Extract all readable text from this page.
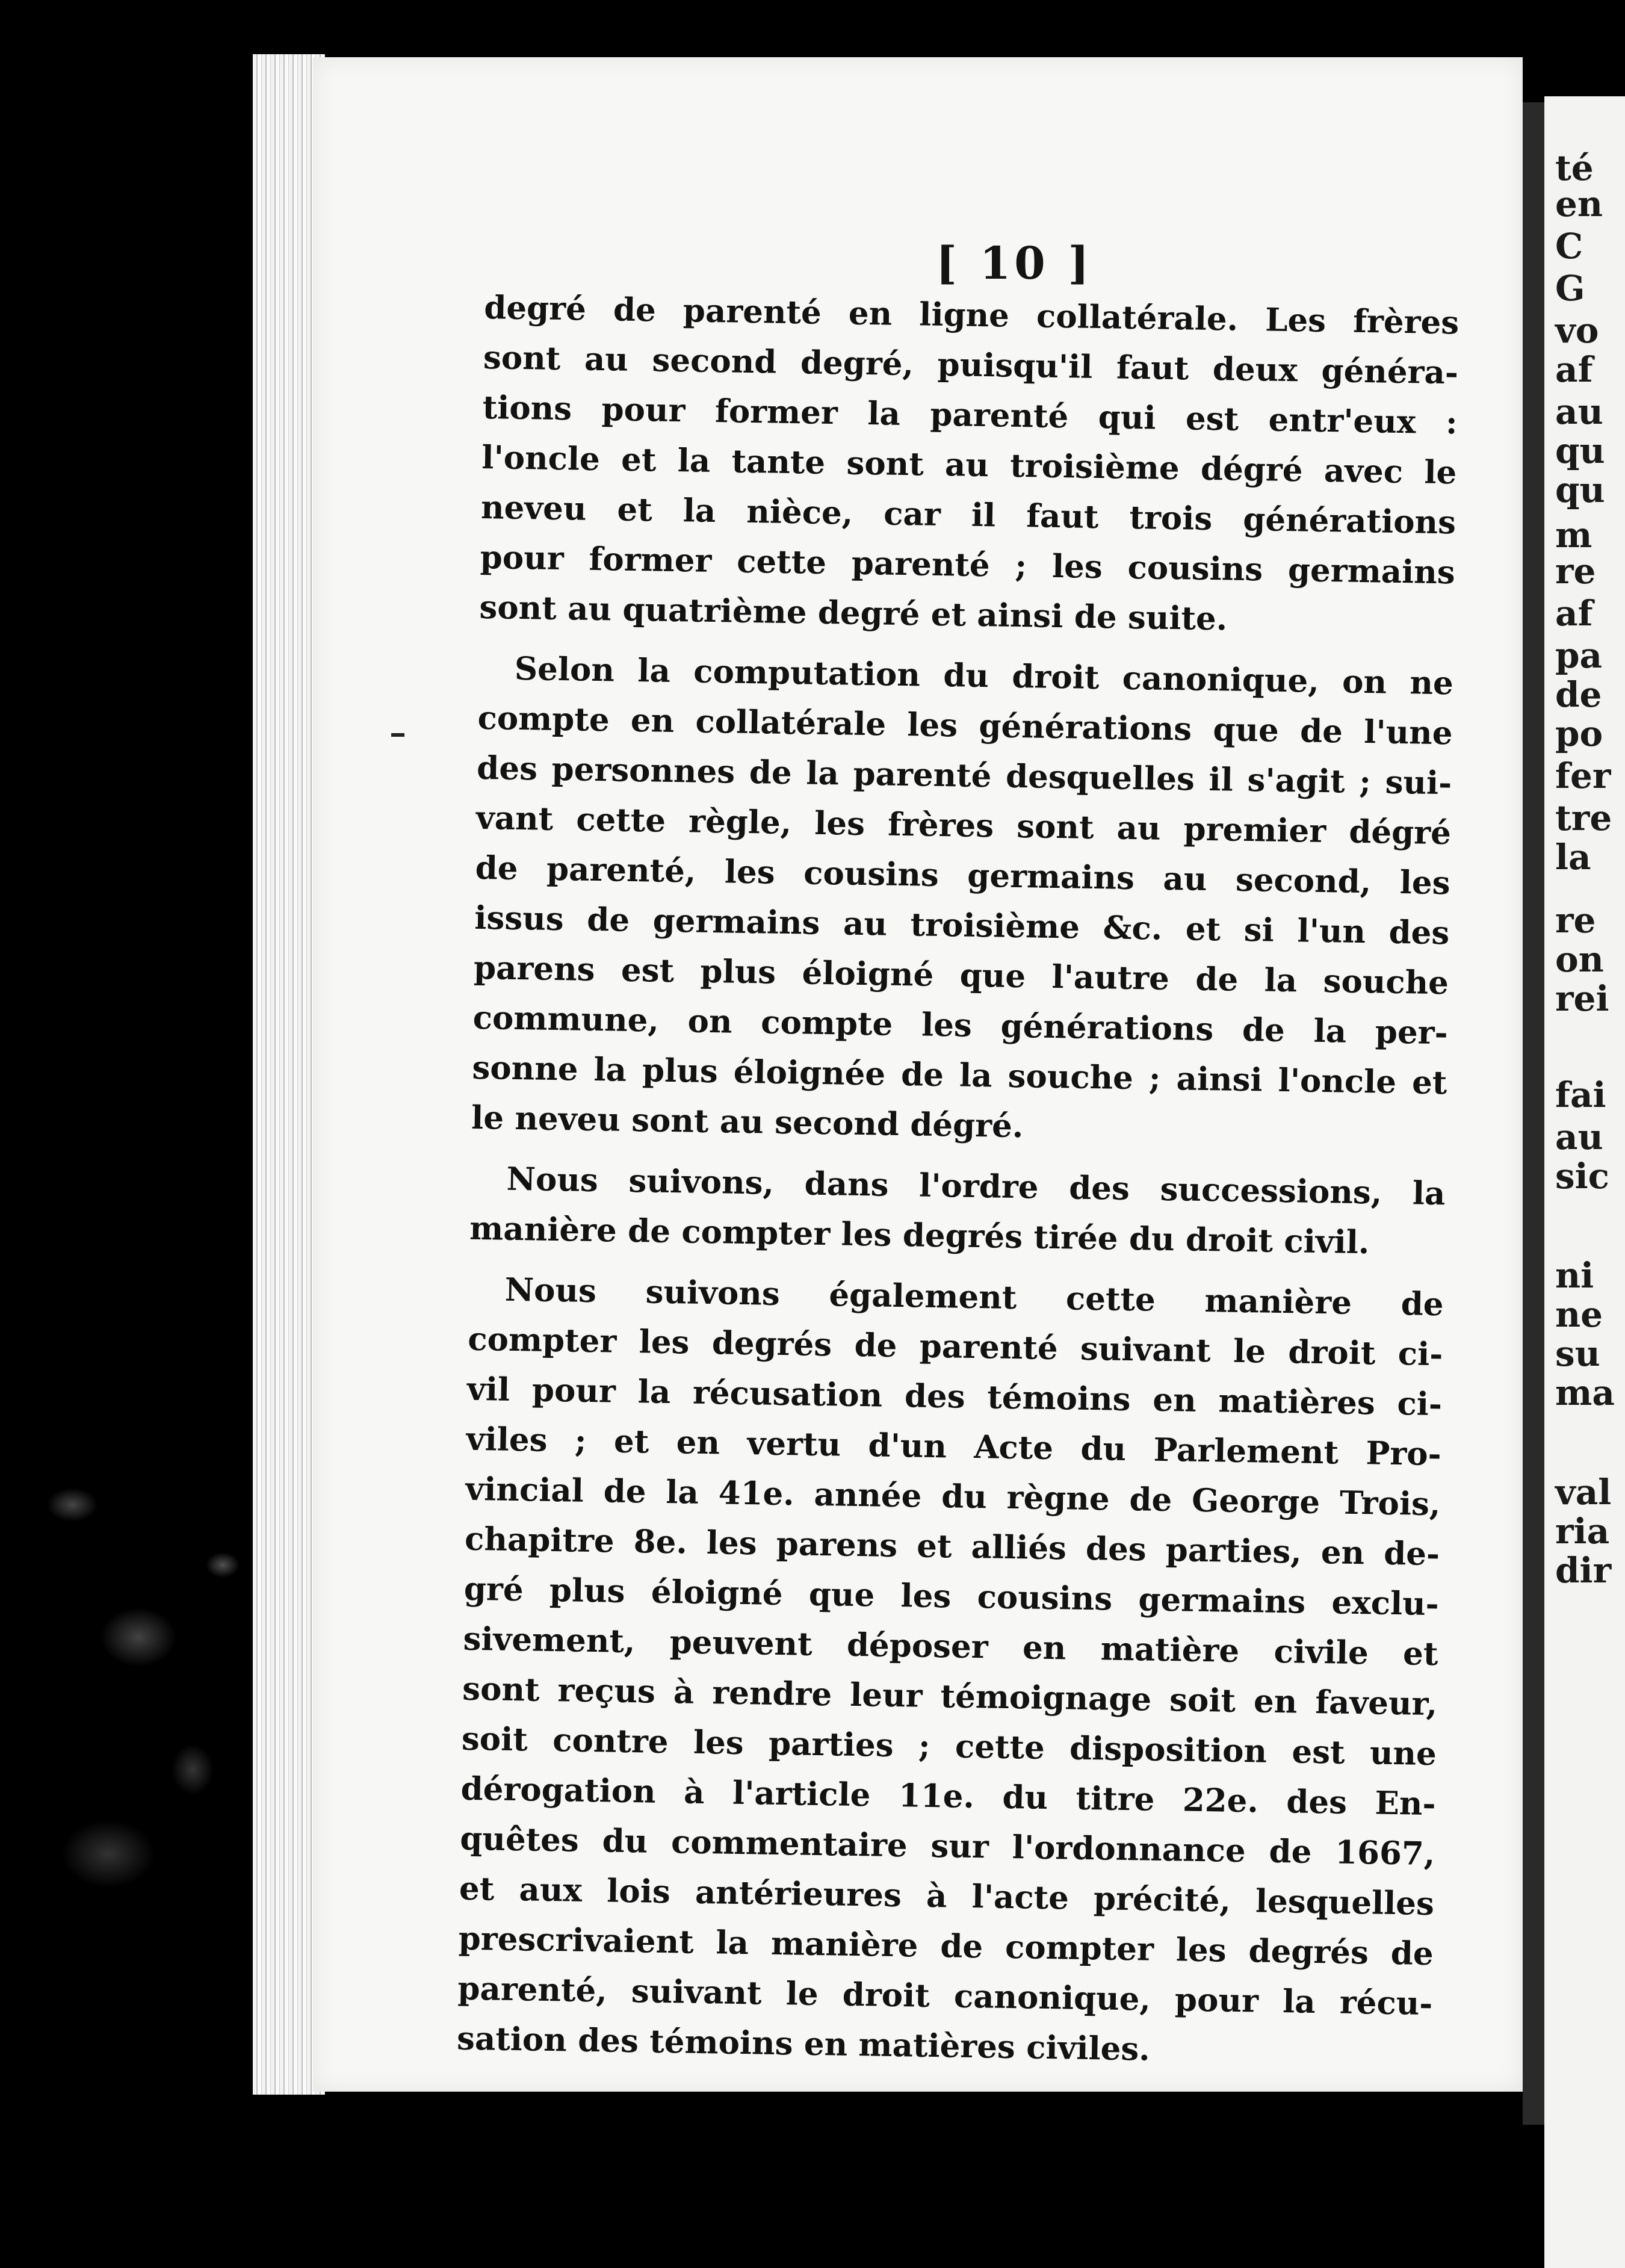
té
en
C
G
vo
af
au
qu
qu
m
re
af
pa
de
po
fer
tre
la
re
on
rei
fai
au
sic
ni
ne
su
ma
val
ria
dir
[ 10 ]
degré de parenté en ligne collatérale. Les frères
sont au second degré, puisqu'il faut deux généra-
tions pour former la parenté qui est entr'eux :
l'oncle et la tante sont au troisième dégré avec le
neveu et la nièce, car il faut trois générations
pour former cette parenté ; les cousins germains
sont au quatrième degré et ainsi de suite.
Selon la computation du droit canonique, on ne
compte en collatérale les générations que de l'une
des personnes de la parenté desquelles il s'agit ; sui-
vant cette règle, les frères sont au premier dégré
de parenté, les cousins germains au second, les
issus de germains au troisième &c. et si l'un des
parens est plus éloigné que l'autre de la souche
commune, on compte les générations de la per-
sonne la plus éloignée de la souche ; ainsi l'oncle et
le neveu sont au second dégré.
Nous suivons, dans l'ordre des successions, la
manière de compter les degrés tirée du droit civil.
Nous suivons également cette manière de
compter les degrés de parenté suivant le droit ci-
vil pour la récusation des témoins en matières ci-
viles ; et en vertu d'un Acte du Parlement Pro-
vincial de la 41e. année du règne de George Trois,
chapitre 8e. les parens et alliés des parties, en de-
gré plus éloigné que les cousins germains exclu-
sivement, peuvent déposer en matière civile et
sont reçus à rendre leur témoignage soit en faveur,
soit contre les parties ; cette disposition est une
dérogation à l'article 11e. du titre 22e. des En-
quêtes du commentaire sur l'ordonnance de 1667,
et aux lois antérieures à l'acte précité, lesquelles
prescrivaient la manière de compter les degrés de
parenté, suivant le droit canonique, pour la récu-
sation des témoins en matières civiles.
